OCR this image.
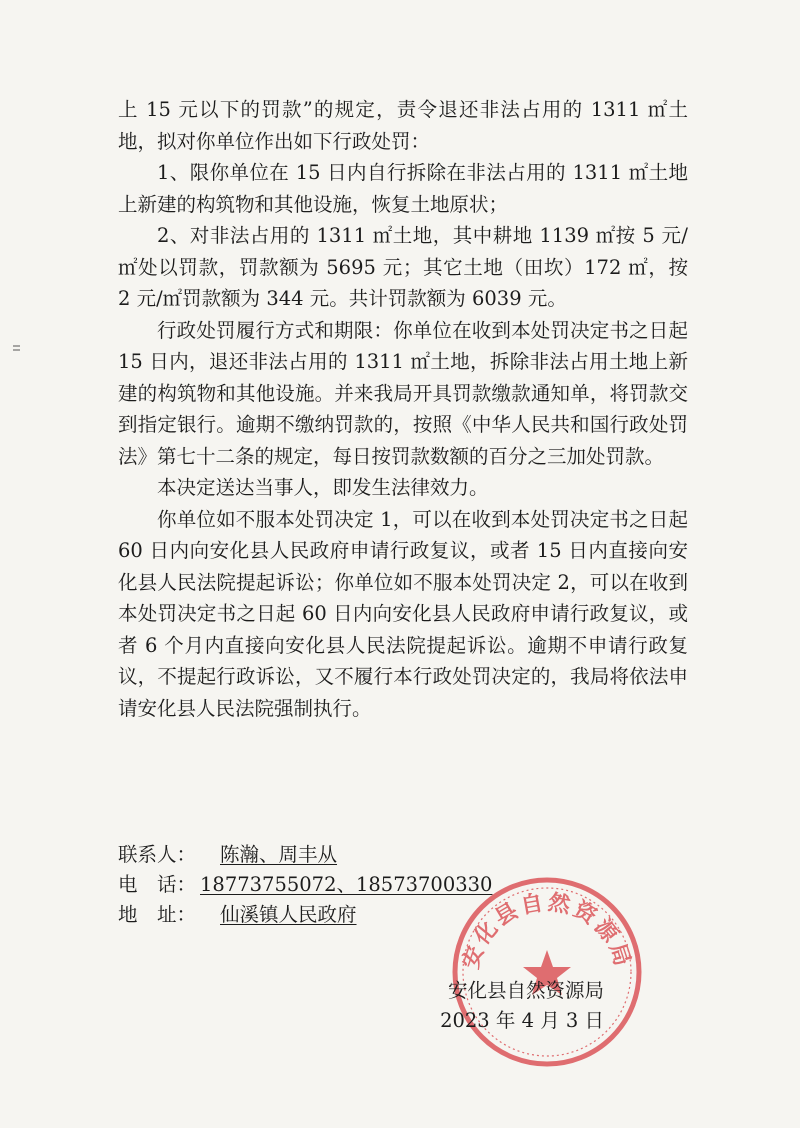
上 15 元以下的罚款”的规定，责令退还非法占用的 1311 ㎡土地，拟对你单位作出如下行政处罚：

1、限你单位在 15 日内自行拆除在非法占用的 1311 ㎡土地上新建的构筑物和其他设施，恢复土地原状；

2、对非法占用的 1311 ㎡土地，其中耕地 1139 ㎡按 5 元/㎡处以罚款，罚款额为 5695 元；其它土地（田坎）172 ㎡，按 2 元/㎡罚款额为 344 元。共计罚款额为 6039 元。

行政处罚履行方式和期限：你单位在收到本处罚决定书之日起 15 日内，退还非法占用的 1311 ㎡土地，拆除非法占用土地上新建的构筑物和其他设施。并来我局开具罚款缴款通知单，将罚款交到指定银行。逾期不缴纳罚款的，按照《中华人民共和国行政处罚法》第七十二条的规定，每日按罚款数额的百分之三加处罚款。

本决定送达当事人，即发生法律效力。

你单位如不服本处罚决定 1，可以在收到本处罚决定书之日起 60 日内向安化县人民政府申请行政复议，或者 15 日内直接向安化县人民法院提起诉讼；你单位如不服本处罚决定 2，可以在收到本处罚决定书之日起 60 日内向安化县人民政府申请行政复议，或者 6 个月内直接向安化县人民法院提起诉讼。逾期不申请行政复议，不提起行政诉讼，又不履行本行政处罚决定的，我局将依法申请安化县人民法院强制执行。

联系人：	陈瀚、周丰从
电　话： 18773755072、18573700330
地　址：	仙溪镇人民政府
安化县自然资源局
安化县自然资源局
2023 年 4 月 3 日
